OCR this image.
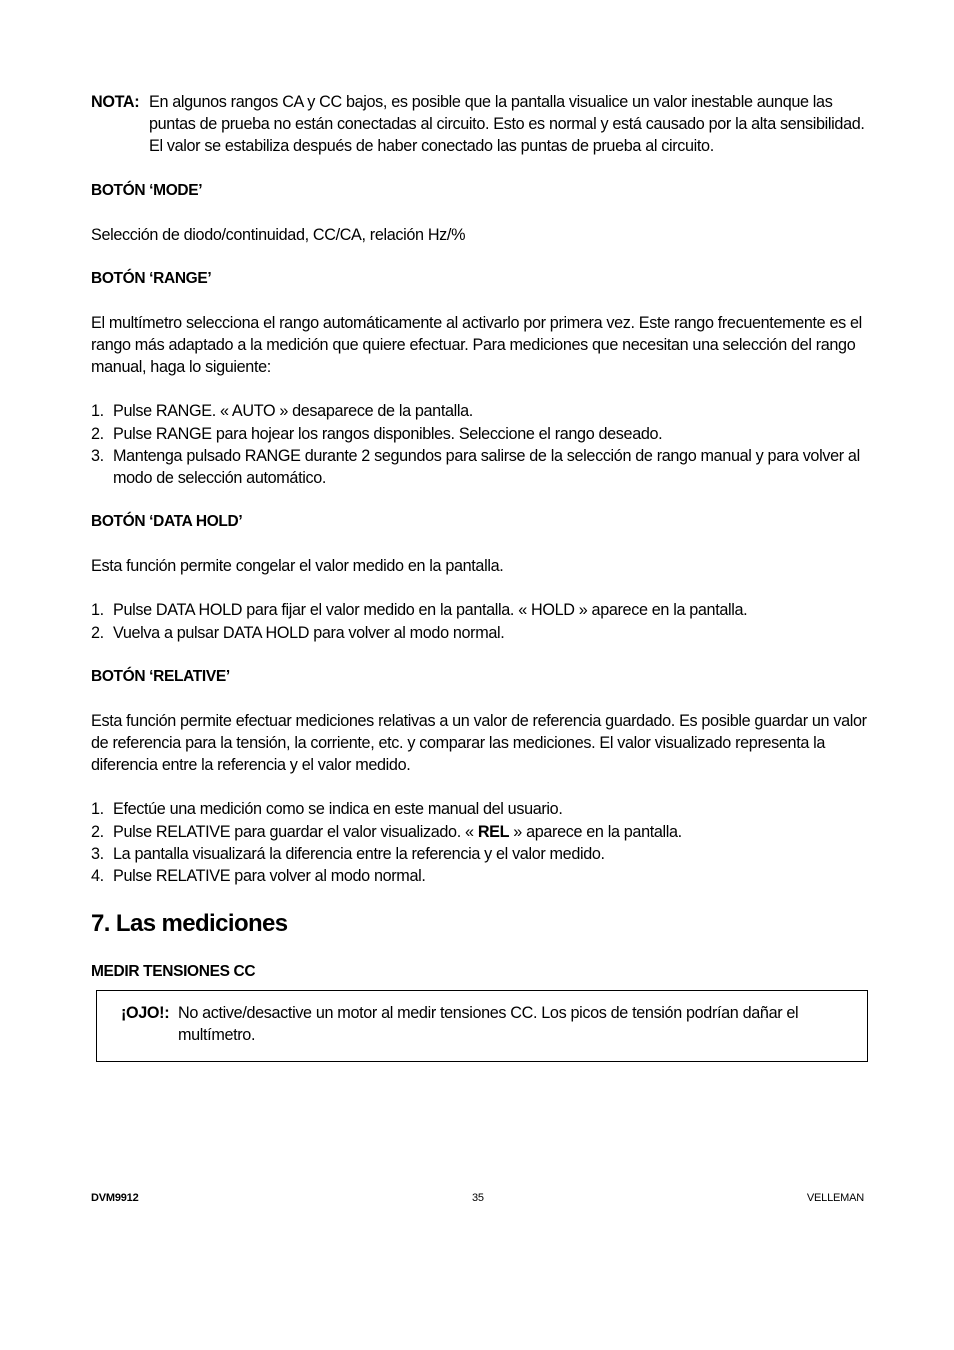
NOTA: En algunos rangos CA y CC bajos, es posible que la pantalla visualice un valor inestable aunque las puntas de prueba no están conectadas al circuito. Esto es normal y está causado por la alta sensibilidad. El valor se estabiliza después de haber conectado las puntas de prueba al circuito.
BOTÓN ‘MODE’
Selección de diodo/continuidad, CC/CA, relación Hz/%
BOTÓN ‘RANGE’
El multímetro selecciona el rango automáticamente al activarlo por primera vez. Este rango frecuentemente es el rango más adaptado a la medición que quiere efectuar. Para mediciones que necesitan una selección del rango manual, haga lo siguiente:
1. Pulse RANGE. « AUTO » desaparece de la pantalla.
2. Pulse RANGE para hojear los rangos disponibles. Seleccione el rango deseado.
3. Mantenga pulsado RANGE durante 2 segundos para salirse de la selección de rango manual y para volver al modo de selección automático.
BOTÓN ‘DATA HOLD’
Esta función permite congelar el valor medido en la pantalla.
1. Pulse DATA HOLD para fijar el valor medido en la pantalla. « HOLD » aparece en la pantalla.
2. Vuelva a pulsar DATA HOLD para volver al modo normal.
BOTÓN ‘RELATIVE’
Esta función permite efectuar mediciones relativas a un valor de referencia guardado. Es posible guardar un valor de referencia para la tensión, la corriente, etc. y comparar las mediciones. El valor visualizado representa la diferencia entre la referencia y el valor medido.
1. Efectúe una medición como se indica en este manual del usuario.
2. Pulse RELATIVE para guardar el valor visualizado. « REL » aparece en la pantalla.
3. La pantalla visualizará la diferencia entre la referencia y el valor medido.
4. Pulse RELATIVE para volver al modo normal.
7. Las mediciones
MEDIR TENSIONES CC
¡OJO!: No active/desactive un motor al medir tensiones CC. Los picos de tensión podrían dañar el multímetro.
DVM9912	35	VELLEMAN
